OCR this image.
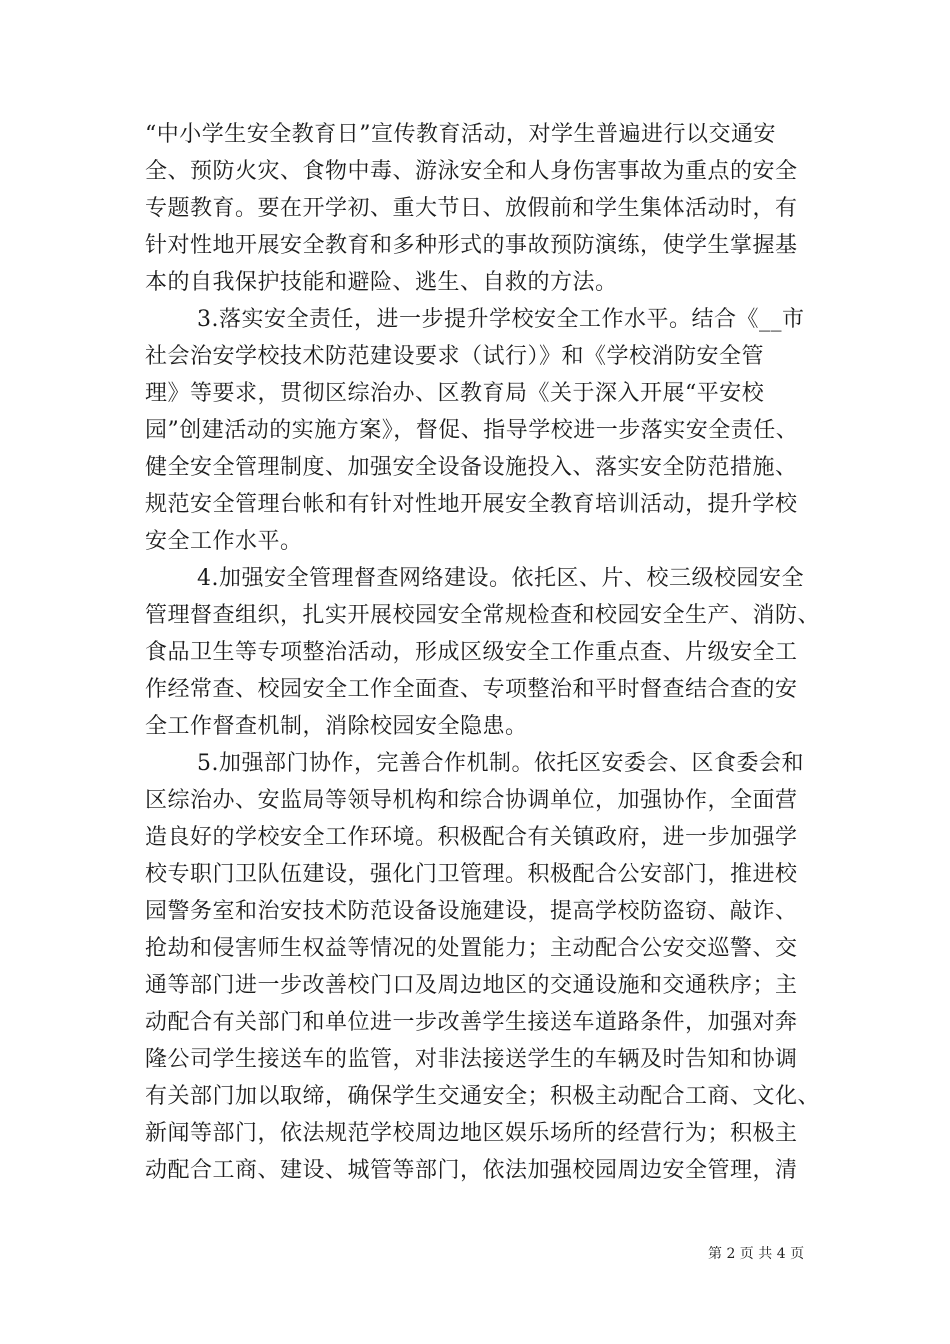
“中小学生安全教育日”宣传教育活动，对学生普遍进行以交通安
全、预防火灾、食物中毒、游泳安全和人身伤害事故为重点的安全
专题教育。要在开学初、重大节日、放假前和学生集体活动时，有
针对性地开展安全教育和多种形式的事故预防演练，使学生掌握基
本的自我保护技能和避险、逃生、自救的方法。
3.落实安全责任，进一步提升学校安全工作水平。结合《__市
社会治安学校技术防范建设要求（试行）》和《学校消防安全管
理》等要求，贯彻区综治办、区教育局《关于深入开展“平安校
园”创建活动的实施方案》，督促、指导学校进一步落实安全责任、
健全安全管理制度、加强安全设备设施投入、落实安全防范措施、
规范安全管理台帐和有针对性地开展安全教育培训活动，提升学校
安全工作水平。
4.加强安全管理督查网络建设。依托区、片、校三级校园安全
管理督查组织，扎实开展校园安全常规检查和校园安全生产、消防、
食品卫生等专项整治活动，形成区级安全工作重点查、片级安全工
作经常查、校园安全工作全面查、专项整治和平时督查结合查的安
全工作督查机制，消除校园安全隐患。
5.加强部门协作，完善合作机制。依托区安委会、区食委会和
区综治办、安监局等领导机构和综合协调单位，加强协作，全面营
造良好的学校安全工作环境。积极配合有关镇政府，进一步加强学
校专职门卫队伍建设，强化门卫管理。积极配合公安部门，推进校
园警务室和治安技术防范设备设施建设，提高学校防盗窃、敲诈、
抢劫和侵害师生权益等情况的处置能力；主动配合公安交巡警、交
通等部门进一步改善校门口及周边地区的交通设施和交通秩序；主
动配合有关部门和单位进一步改善学生接送车道路条件，加强对奔
隆公司学生接送车的监管，对非法接送学生的车辆及时告知和协调
有关部门加以取缔，确保学生交通安全；积极主动配合工商、文化、
新闻等部门，依法规范学校周边地区娱乐场所的经营行为；积极主
动配合工商、建设、城管等部门，依法加强校园周边安全管理，清
第 2 页 共 4 页
